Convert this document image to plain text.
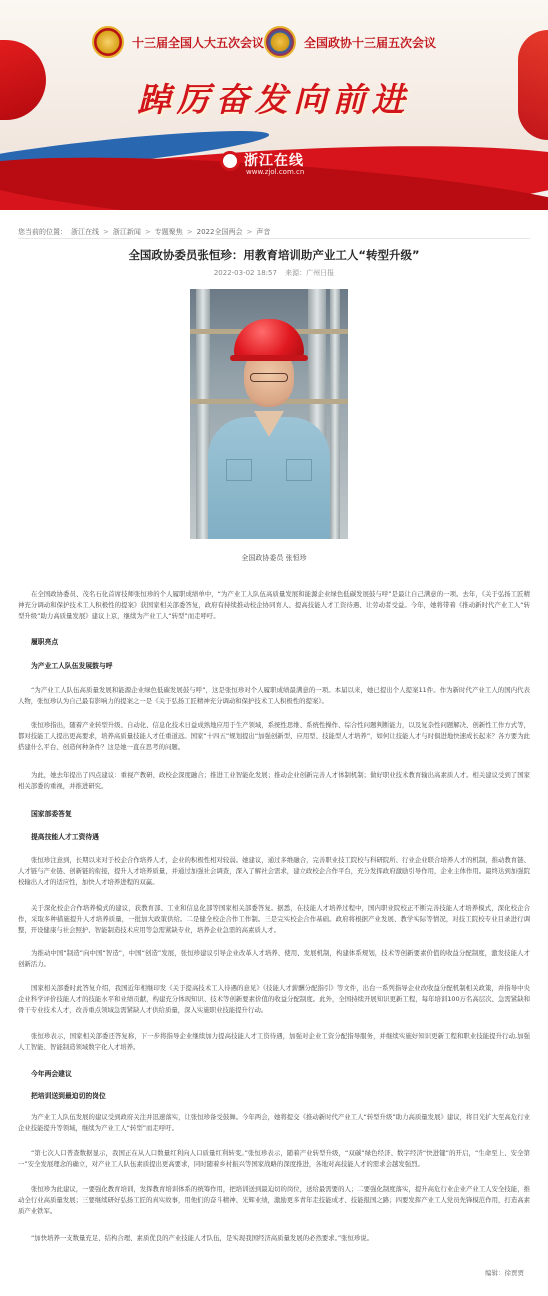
十三届全国人大五次会议	全国政协十三届五次会议
踔厉奋发向前进
浙江在线
www.zjol.com.cn
您当前的位置： 浙江在线 > 浙江新闻 > 专题聚焦 > 2022全国两会 > 声音
全国政协委员张恒珍：用教育培训助产业工人“转型升级”
2022-03-02 18:57 来源：广州日报
全国政协委员 张恒珍
在全国政协委员、茂名石化首席技师张恒珍的个人履职成绩单中，“为产业工人队伍高质量发展和能源企业绿色低碳发展鼓与呼”是最让自己满意的一项。去年，《关于弘扬工匠精神充分调动和保护技术工人积极性的提案》获国家相关部委答复，政府有持续推动校企协同育人、提高技能人才工资待遇、让劳动者受益。今年，她将带着《推动新时代产业工人“转型升级”助力高质量发展》建议上京，继续为产业工人“转型”而走呼吁。
履职亮点
为产业工人队伍发展鼓与呼
“为产业工人队伍高质量发展和能源企业绿色低碳发展鼓与呼”，这是张恒珍对个人履职成绩最满意的一项。本届以来，她已提出个人提案11件。作为新时代产业工人的国内代表人物，张恒珍认为自己最有影响力的提案之一是《关于弘扬工匠精神充分调动和保护技术工人积极性的提案》。
张恒珍指出，随着产业转型升级、自动化、信息化技术日益成熟地应用于生产领域，系统性思维、系统性操作、综合性问题判断能力，以及复杂性问题解决、创新性工作方式等，都对技能工人提出更高要求，培养高质量技能人才任重道远。国家“十四五”规划提出“加强创新型、应用型、技能型人才培养”，如何让技能人才与时俱进地快速成长起来？各方要为此搭建什么平台、创造何种条件？这是她一直在思考的问题。
为此，她去年提出了四点建议：重视产教研、政校企深度融合；推进工业智能化发展；推动企业创新完善人才体制机制；做好职业技术教育输出高素质人才。相关建议受到了国家相关部委的重视，并推进研究。
国家部委答复
提高技能人才工资待遇
张恒珍注意到，长期以来对于校企合作培养人才，企业的积极性相对较弱。她建议，通过多维融合，完善职业技工院校与科研院所、行业企业联合培养人才的机制，推动教育链、人才链与产业链、创新链的衔接，提升人才培养质量，并通过加强社会调查，深入了解社会需求，建立政校企合作平台，充分发挥政府激励引导作用，企业主体作用。最终达到加强院校输出人才的适应性，加快人才培养进程的双赢。
关于深化校企合作培养模式的建议，获教育部、工业和信息化部等国家相关部委答复。据悉，在技能人才培养过程中，国内职业院校正不断完善技能人才培养模式，深化校企合作，采取多种措施提升人才培养质量，一批加大政策供给。二是健全校企合作工作制。三是完实校企合作基础。政府将根据产业发展、教学实际等情况，对技工院校专业目录进行调整，开设健康与社会照护、智能制造技术应用等急需紧缺专业，培养企业急需的高素质人才。
为推动中国“制造”向中国“智造”，中国“创造”发展，张恒珍建议引导企业改革人才培养、使用、发展机制，构建体系规划，技术等创新要素价值的收益分配制度，激发技能人才创新活力。
国家相关部委时此答复介绍，我国近年相继印发《关于提高技术工人待遇的意见》《技能人才薪酬分配指引》等文件，出台一系列指导企业改收益分配机制相关政策，并指导中央企业科学评价技能人才的技能水平和业绩贡献，构建充分体现知识、技术等创新要素价值的收益分配制度。此外，全国持续开展知识更新工程，每年培训100万名高层次、急需紧缺和骨干专业技术人才，改善重点领域急需紧缺人才供给质量，深入实施职业技能提升行动。
张恒珍表示，国家相关部委还答复称，下一步将指导企业继续加力提高技能人才工资待遇，加强对企业工资分配指导服务，并继续实施好知识更新工程和职业技能提升行动,加强人工智能、智能制造领域数字化人才培养。
今年两会建议
把培训送到最迫切的岗位
为产业工人队伍发展的建议受到政府关注并迅速落实，让张恒珍备受鼓舞。今年两会，她将提交《推动新时代产业工人“转型升级”助力高质量发展》建议，将目光扩大至高危行业企业技能提升等领域，继续为产业工人“转型”而走呼吁。
“第七次人口普查数据显示，我国正在从人口数量红利向人口质量红利转变。”张恒珍表示，随着产业转型升级，“双碳”绿色经济、数字经济“快进键”的开启，“生命至上、安全第一”安全发展理念的确立，对产业工人队伍素质提出更高要求，同时随着乡村振兴等国家战略的深度推进，各地对高技能人才的需求会越发强烈。
张恒珍为此建议，一要强化教育培训，发挥教育培训体系的统筹作用，把培训送到最迫切的岗位，送给最需要的人；二要强化制度落实，提升高危行业企业产业工人安全技能，推动全行业高质量发展；三要继续研好弘扬工匠的真实故事，用他们的奋斗精神、光辉业绩，激励更多青年走技能成才、技能报国之路；四要发挥产业工人党员先锋模范作用，打造高素质产业铁军。
“加快培养一支数量充足、结构合理、素质优良的产业技能人才队伍，是实现我国经济高质量发展的必然要求。”张恒珍说。
编辑：徐贾贾
